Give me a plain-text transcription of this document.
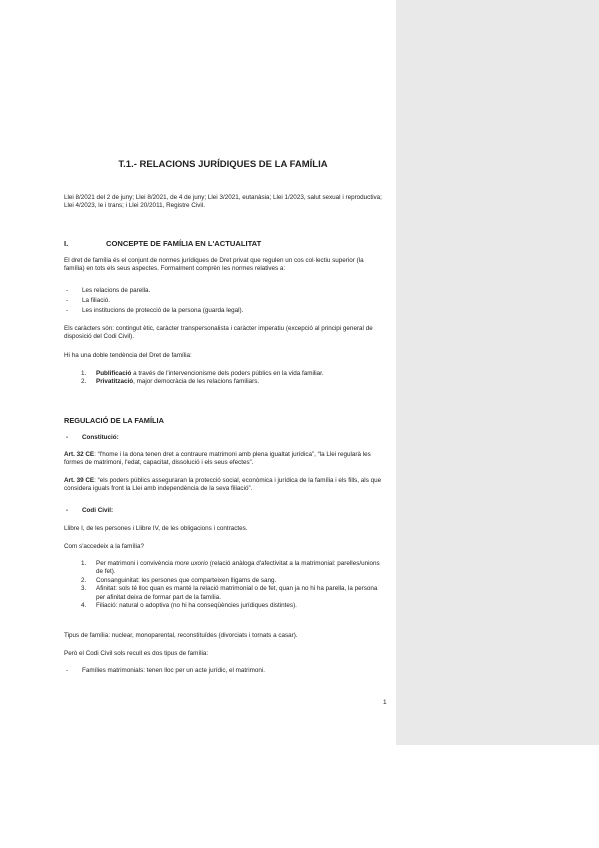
T.1.- RELACIONS JURÍDIQUES DE LA FAMÍLIA
Llei 8/2021 del 2 de juny; Llei 8/2021, de 4 de juny; Llei 3/2021, eutanàsia; Llei 1/2023, salut sexual i reproductiva; Llei 4/2023, le i trans; i Llei 20/2011, Registre Civil.
I.	CONCEPTE DE FAMÍLIA EN L'ACTUALITAT
El dret de família és el conjunt de normes jurídiques de Dret privat que regulen un cos col·lectiu superior (la família) en tots els seus aspectes. Formalment comprèn les normes relatives a:
- Les relacions de parella.
- La filiació.
- Les institucions de protecció de la persona (guarda legal).
Els caràcters són: contingut ètic, caràcter transpersonalista i caràcter imperatiu (excepció al principi general de disposició del Codi Civil).
Hi ha una doble tendència del Dret de família:
1. Publificació a través de l'intervencionisme dels poders públics en la vida familiar.
2. Privatització, major democràcia de les relacions familiars.
REGULACIÓ DE LA FAMÍLIA
- Constitució:
Art. 32 CE: “l'home i la dona tenen dret a contraure matrimoni amb plena igualtat jurídica”, “la Llei regularà les formes de matrimoni, l'edat, capacitat, dissolució i els seus efectes”.
Art. 39 CE: “els poders públics asseguraran la protecció social, econòmica i jurídica de la família i els fills, als que considera iguals front la Llei amb independència de la seva filiació”.
- Codi Civil:
Llibre I, de les persones i Llibre IV, de les obligacions i contractes.
Com s'accedeix a la família?
1. Per matrimoni i convivència more uxorio (relació anàloga d'afectivitat a la matrimonial: parelles/unions de fet).
2. Consanguinitat: les persones que comparteixen lligams de sang.
3. Afinitat: sols té lloc quan es manté la relació matrimonial o de fet, quan ja no hi ha parella, la persona per afinitat deixa de formar part de la família.
4. Filiació: natural o adoptiva (no hi ha conseqüències jurídiques distintes).
Tipus de família: nuclear, monoparental, reconstituïdes (divorciats i tornats a casar).
Però el Codi Civil sols recull es dos tipus de família:
- Famílies matrimonials: tenen lloc per un acte jurídic, el matrimoni.
1
